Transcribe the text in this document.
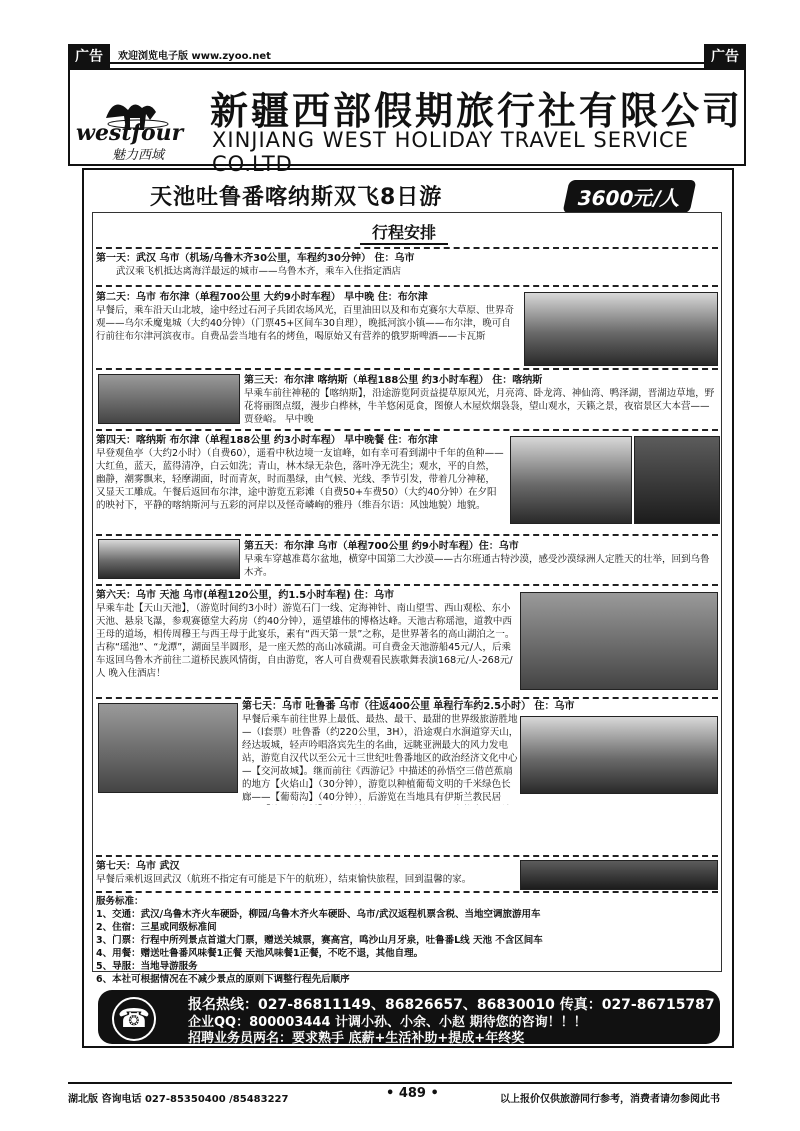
广告	欢迎浏览电子版 www.zyoo.net	广告
westfour
魅力西域
新疆西部假期旅行社有限公司
XINJIANG WEST HOLIDAY TRAVEL SERVICE CO.LTD
天池吐鲁番喀纳斯双飞8日游	3600元/人
行程安排
第一天：武汉 乌市（机场/乌鲁木齐30公里，车程约30分钟） 住：乌市
武汉乘飞机抵达离海洋最远的城市——乌鲁木齐，乘车入住指定酒店
第二天：乌市 布尔津（单程700公里 大约9小时车程） 早中晚 住：布尔津
早餐后，乘车沿天山北坡，途中经过石河子兵团农场风光，百里油田以及和布克赛尔大草原、世界奇观——乌尔禾魔鬼城（大约40分钟）（门票45+区间车30自理），晚抵河滨小镇——布尔津，晚可自行前往布尔津河滨夜市。自费品尝当地有名的烤鱼，喝原始又有营养的俄罗斯啤酒——卡瓦斯
第三天：布尔津 喀纳斯（单程188公里 约3小时车程） 住：喀纳斯
早乘车前往神秘的【喀纳斯】，沿途游览阿贡益提草原风光，月亮湾、卧龙湾、神仙湾、鸭泽湖，晋湖边草地，野花将丽图点缀，漫步白桦林，牛羊悠闲觅食，图僚人木屋炊烟袅袅，望山观水，天籁之景，夜宿景区大本营——贾登峪。 早中晚
第四天：喀纳斯 布尔津（单程188公里 约3小时车程） 早中晚餐 住：布尔津
早登观鱼亭（大约2小时）（自费60），遥看中秋边境一友谊峰，如有幸可看到湖中千年的鱼种——大红鱼，蓝天，蓝得清净，白云如洗；青山，林木绿无杂色，落叶净无洗尘；观水，平的自然，幽静，潮雾飘来，轻摩湖面，时而青灰，时而墨绿，由气候、光线、季节引发，带着几分神秘，又显天工雕成。午餐后返回布尔津，途中游览五彩滩（自费50+车费50）（大约40分钟）在夕阳的映衬下，平静的喀纳斯河与五彩的河岸以及怪奇嶙峋的雅丹（维吾尔语：风蚀地貌）地貌。
第五天：布尔津 乌市（单程700公里 约9小时车程）住：乌市
早乘车穿越准葛尔盆地，横穿中国第二大沙漠——古尔班通古特沙漠，感受沙漠绿洲人定胜天的壮举，回到乌鲁木齐。
第六天：乌市 天池 乌市(单程120公里，约1.5小时车程) 住：乌市
早乘车赴【天山天池】，（游览时间约3小时）游览石门一线、定海神针、南山望雪、西山观松、东小天池、悬泉飞瀑，参观赛德堂大药房（约40分钟），遥望雄伟的博格达峰。天池古称瑶池，道教中西王母的道场，相传周穆王与西王母于此宴乐，素有“西天第一景”之称，是世界著名的高山湖泊之一。古称“瑶池”、“龙潭”，湖面呈半圆形，是一座天然的高山冰碛湖。可自费金天池游船45元/人，后乘车返回乌鲁木齐前往二道桥民族风情街，自由游览，客人可自费观看民族歌舞表演168元/人-268元/人 晚入住酒店！
第七天：乌市 吐鲁番 乌市（往返400公里 单程行车约2.5小时） 住：乌市

早餐后乘车前往世界上最低、最热、最干、最甜的世界级旅游胜地—（l套票）吐鲁番（约220公里，3H），沿途观白水涧道穿天山，经达坂城，轻声吟唱洛宾先生的名曲，远眺亚洲最大的风力发电站，游览自汉代以至公元十三世纪吐鲁番地区的政治经济文化中心—【交河故城】。继而前往《西游记》中描述的孙悟空三借芭蕉扇的地方【火焰山】（30分钟），游览以种植葡萄文明的千米绿色长廊——【葡萄沟】（40分钟），后游览在当地具有伊斯兰教民居
第七天：乌市 武汉
早餐后乘机返回武汉（航班不指定有可能是下午的航班），结束愉快旅程，回到温馨的家。
服务标准：
1、交通：武汉/乌鲁木齐火车硬卧，柳园/乌鲁木齐火车硬卧、乌市/武汉返程机票含税、当地空调旅游用车
2、住宿：三星或同级标准间
3、门票：行程中所列景点首道大门票，赠送关城票，赛高宫，鸣沙山月牙泉，吐鲁番L线 天池 不含区间车
4、用餐：赠送吐鲁番风味餐1正餐 天池风味餐1正餐，不吃不退，其他自理。
5、导服：当地导游服务
6、本社可根据情况在不减少景点的原则下调整行程先后顺序
☎	报名热线：027-86811149、86826657、86830010 传真：027-86715787
企业QQ：800003444 计调小孙、小余、小赵 期待您的咨询！！！
招聘业务员两名：要求熟手 底薪+生活补助+提成+年终奖
湖北版 咨询电话 027-85350400 /85483227	• 489 •	以上报价仅供旅游同行参考，消费者请勿参阅此书
